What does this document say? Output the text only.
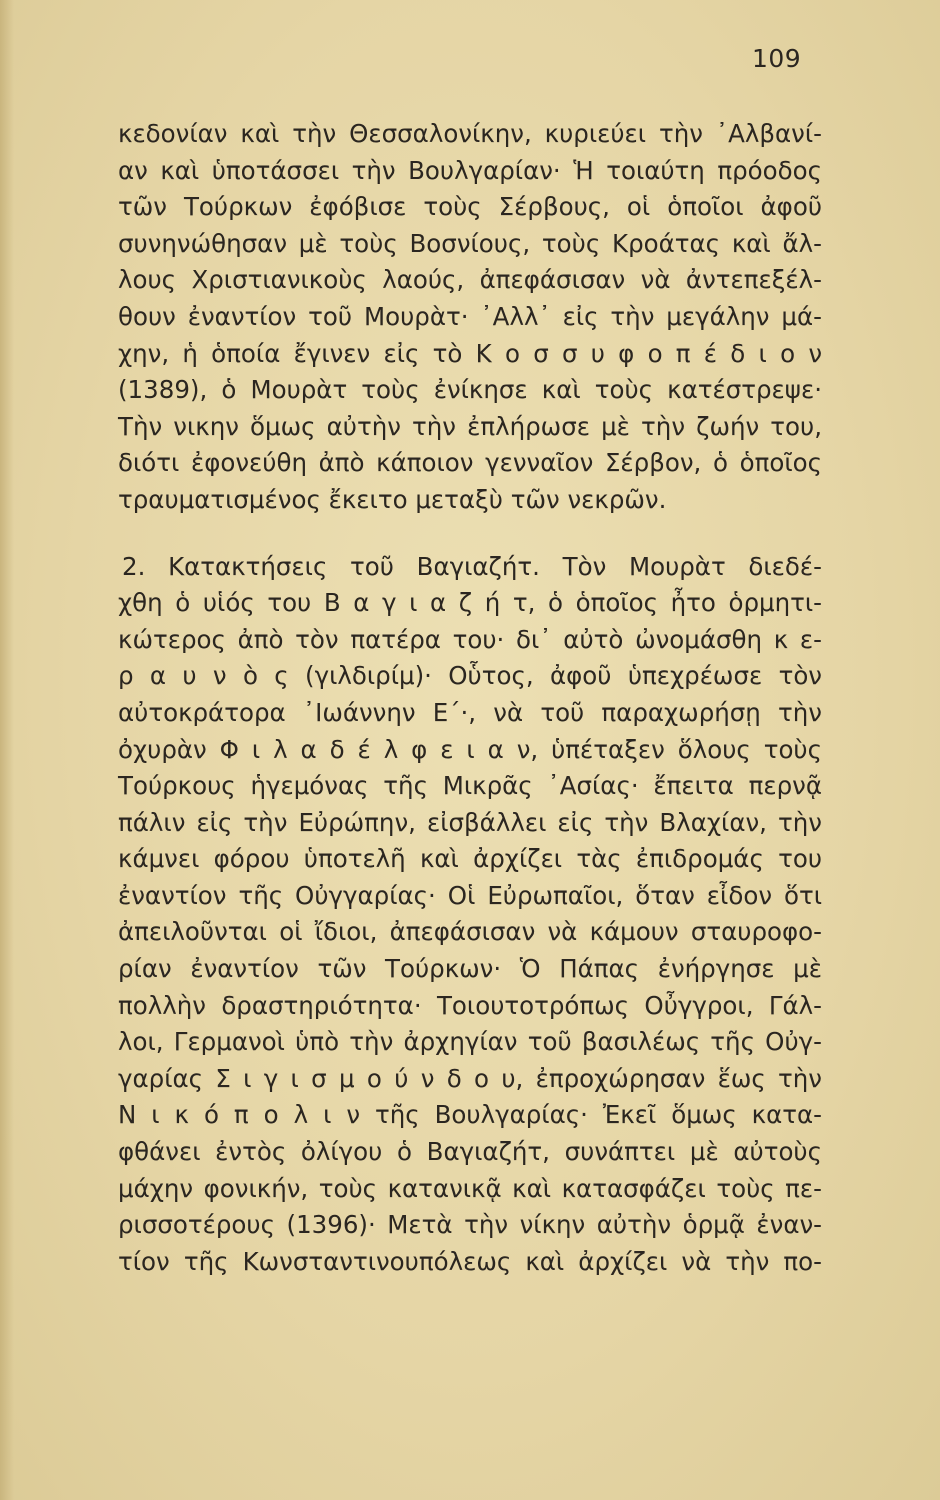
109
κεδονίαν καὶ τὴν Θεσσαλονίκην, κυριεύει τὴν ᾿Αλβανί-
αν καὶ ὑποτάσσει τὴν Βουλγαρίαν· Ἡ τοιαύτη πρόοδος
τῶν Τούρκων ἐφόβισε τοὺς Σέρβους, οἱ ὁποῖοι ἀφοῦ
συνηνώθησαν μὲ τοὺς Βοσνίους, τοὺς Κροάτας καὶ ἄλ-
λους Χριστιανικοὺς λαούς, ἀπεφάσισαν νὰ ἀντεπεξέλ-
θουν ἐναντίον τοῦ Μουρὰτ· ᾿Αλλ᾿ εἰς τὴν μεγάλην μά-
χην, ἡ ὁποία ἔγινεν εἰς τὸ Κ ο σ σ υ φ ο π έ δ ι ο ν
(1389), ὁ Μουρὰτ τοὺς ἐνίκησε καὶ τοὺς κατέστρεψε·
Τὴν νικην ὅμως αὐτὴν τὴν ἐπλήρωσε μὲ τὴν ζωήν του,
διότι ἐφονεύθη ἀπὸ κάποιον γενναῖον Σέρβον, ὁ ὁποῖος
τραυματισμένος ἔκειτο μεταξὺ τῶν νεκρῶν.
2. Κατακτήσεις τοῦ Βαγιαζήτ. Τὸν Μουρὰτ διεδέ-
χθη ὁ υἱός του Β α γ ι α ζ ή τ, ὁ ὁποῖος ἦτο ὁρμητι-
κώτερος ἀπὸ τὸν πατέρα του· δι᾿ αὐτὸ ὠνομάσθη κ ε-
ρ α υ ν ὸ ς (γιλδιρίμ)· Οὗτος, ἀφοῦ ὑπεχρέωσε τὸν
αὐτοκράτορα ᾿Ιωάννην Ε΄·, νὰ τοῦ παραχωρήσῃ τὴν
ὀχυρὰν Φ ι λ α δ έ λ φ ε ι α ν, ὑπέταξεν ὅλους τοὺς
Τούρκους ἡγεμόνας τῆς Μικρᾶς ᾿Ασίας· ἔπειτα περνᾷ
πάλιν εἰς τὴν Εὐρώπην, εἰσβάλλει εἰς τὴν Βλαχίαν, τὴν
κάμνει φόρου ὑποτελῆ καὶ ἀρχίζει τὰς ἐπιδρομάς του
ἐναντίον τῆς Οὐγγαρίας· Οἱ Εὐρωπαῖοι, ὅταν εἶδον ὅτι
ἀπειλοῦνται οἱ ἴδιοι, ἀπεφάσισαν νὰ κάμουν σταυροφο-
ρίαν ἐναντίον τῶν Τούρκων· Ὁ Πάπας ἐνήργησε μὲ
πολλὴν δραστηριότητα· Τοιουτοτρόπως Οὖγγροι, Γάλ-
λοι, Γερμανοὶ ὑπὸ τὴν ἀρχηγίαν τοῦ βασιλέως τῆς Οὐγ-
γαρίας Σ ι γ ι σ μ ο ύ ν δ ο υ, ἐπροχώρησαν ἕως τὴν
Ν ι κ ό π ο λ ι ν τῆς Βουλγαρίας· Ἐκεῖ ὅμως κατα-
φθάνει ἐντὸς ὀλίγου ὁ Βαγιαζήτ, συνάπτει μὲ αὐτοὺς
μάχην φονικήν, τοὺς κατανικᾷ καὶ κατασφάζει τοὺς πε-
ρισσοτέρους (1396)· Μετὰ τὴν νίκην αὐτὴν ὁρμᾷ ἐναν-
τίον τῆς Κωνσταντινουπόλεως καὶ ἀρχίζει νὰ τὴν πο-
